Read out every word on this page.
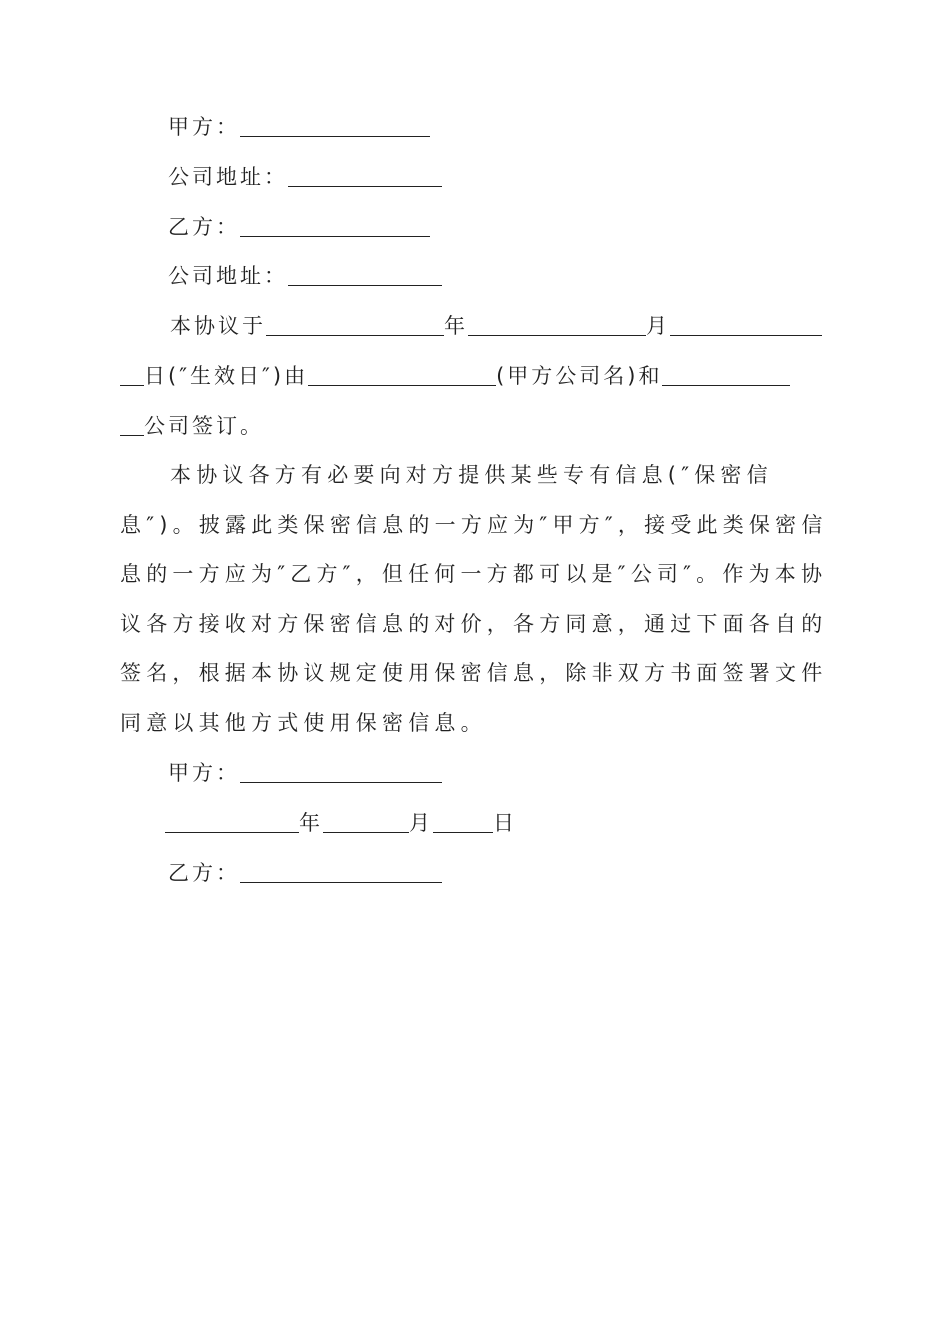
甲方：
公司地址：
乙方：
公司地址：
本协议于	年	月
日(″生效日″)由	(甲方公司名)和
公司签订。
本协议各方有必要向对方提供某些专有信息(″保密信息″)。披露此类保密信息的一方应为″甲方″，接受此类保密信息的一方应为″乙方″，但任何一方都可以是″公司″。作为本协议各方接收对方保密信息的对价，各方同意，通过下面各自的签名，根据本协议规定使用保密信息，除非双方书面签署文件同意以其他方式使用保密信息。
甲方：
年	月	日
乙方：
